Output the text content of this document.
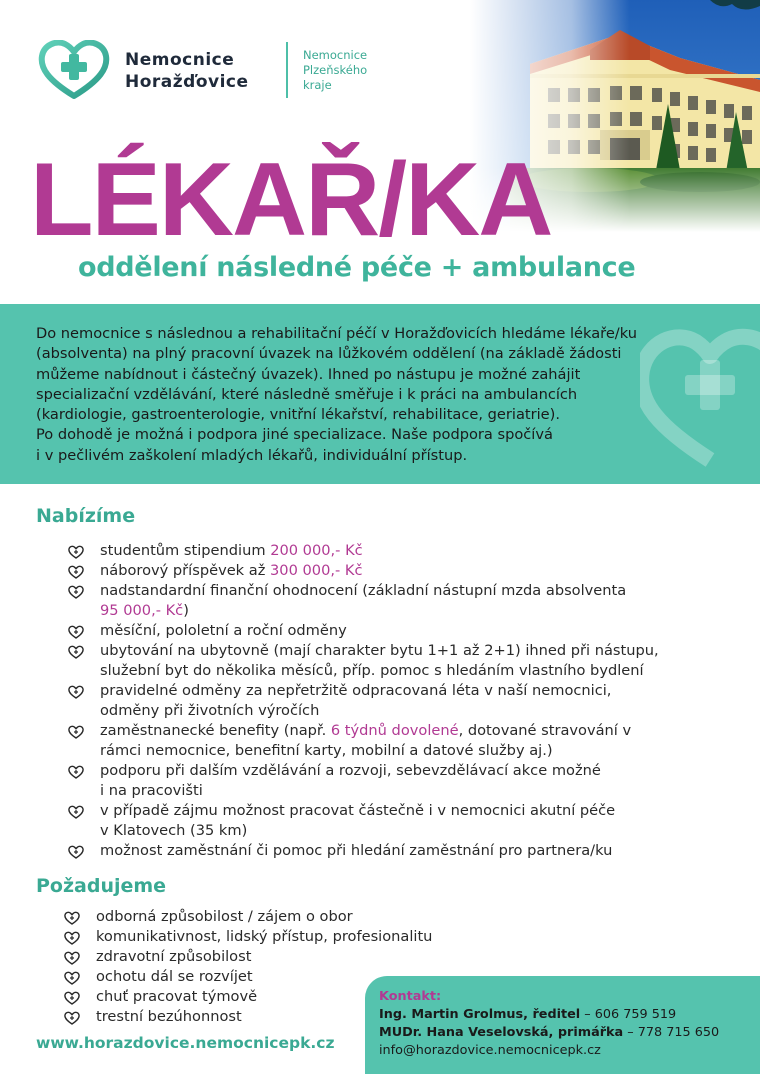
Nemocnice
Horažďovice
Nemocnice
Plzeňského
kraje
LÉKAŘ/KA
oddělení následné péče + ambulance

Do nemocnice s následnou a rehabilitační péčí v Horažďovicích hledáme lékaře/ku

(absolventa) na plný pracovní úvazek na lůžkovém oddělení (na základě žádosti

můžeme nabídnout i částečný úvazek). Ihned po nástupu je možné zahájit

specializační vzdělávání, které následně směřuje i k práci na ambulancích

(kardiologie, gastroenterologie, vnitřní lékařství, rehabilitace, geriatrie).

Po dohodě je možná i podpora jiné specializace. Naše podpora spočívá

i v pečlivém zaškolení mladých lékařů, individuální přístup.

Nabízíme
studentům stipendium 200 000,- Kč
náborový příspěvek až 300 000,- Kč
nadstandardní finanční ohodnocení (základní nástupní mzda absolventa
95 000,- Kč)
měsíční, pololetní a roční odměny
ubytování na ubytovně (mají charakter bytu 1+1 až 2+1) ihned při nástupu,
služební byt do několika měsíců, příp. pomoc s hledáním vlastního bydlení
pravidelné odměny za nepřetržitě odpracovaná léta v naší nemocnici,
odměny při životních výročích
zaměstnanecké benefity (např. 6 týdnů dovolené, dotované stravování v
rámci nemocnice, benefitní karty, mobilní a datové služby aj.)
podporu při dalším vzdělávání a rozvoji, sebevzdělávací akce možné
i na pracovišti
v případě zájmu možnost pracovat částečně i v nemocnici akutní péče
v Klatovech (35 km)
možnost zaměstnání či pomoc při hledání zaměstnání pro partnera/ku
Požadujeme
odborná způsobilost / zájem o obor
komunikativnost, lidský přístup, profesionalitu
zdravotní způsobilost
ochotu dál se rozvíjet
chuť pracovat týmově
trestní bezúhonnost
www.horazdovice.nemocnicepk.cz
Kontakt:
Ing. Martin Grolmus, ředitel – 606 759 519
MUDr. Hana Veselovská, primářka – 778 715 650
info@horazdovice.nemocnicepk.cz
